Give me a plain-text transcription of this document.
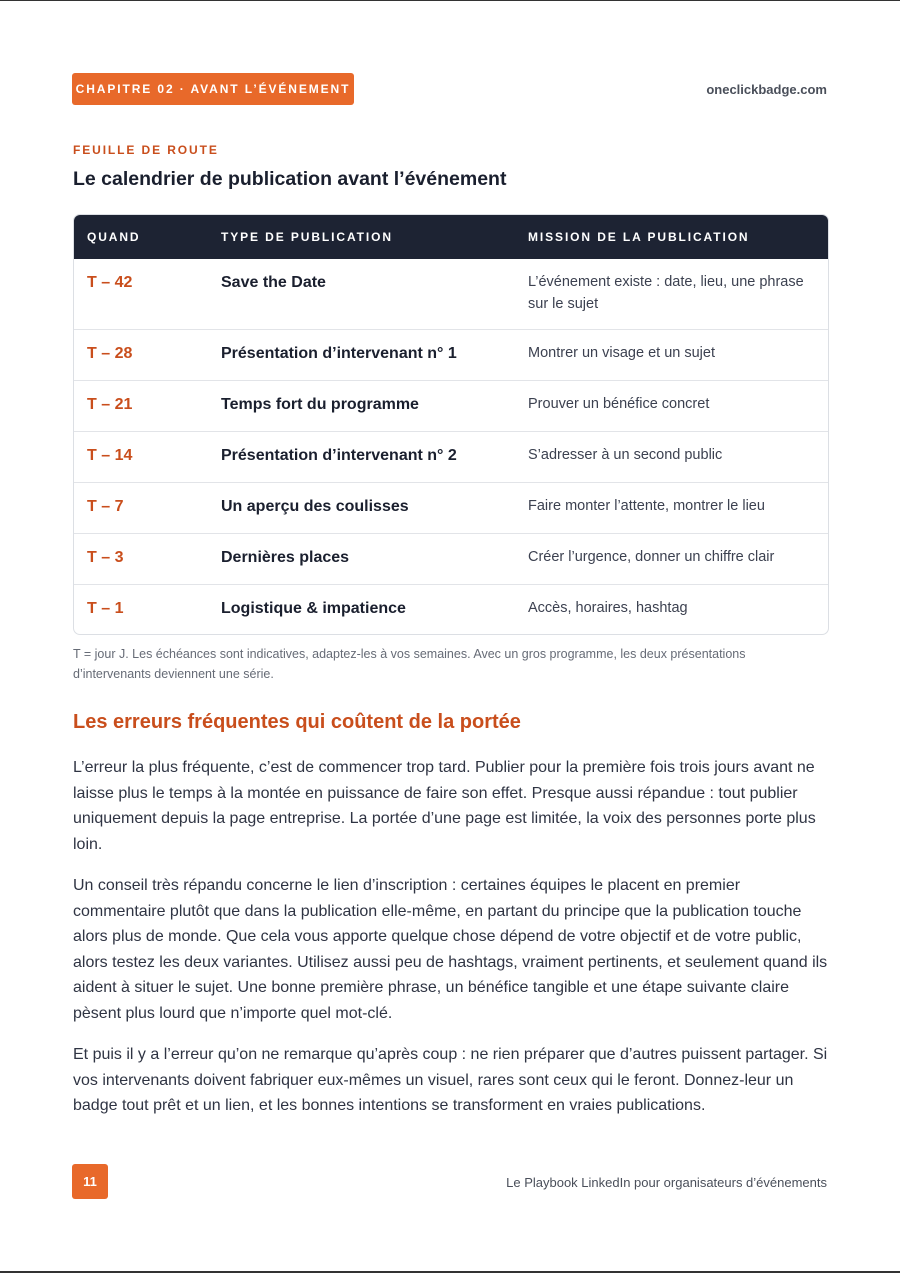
CHAPITRE 02 · AVANT L’ÉVÉNEMENT	oneclickbadge.com
FEUILLE DE ROUTE
Le calendrier de publication avant l’événement
QUAND	TYPE DE PUBLICATION	MISSION DE LA PUBLICATION
T – 42	Save the Date	L’événement existe : date, lieu, une phrase sur le sujet
T – 28	Présentation d’intervenant n° 1	Montrer un visage et un sujet
T – 21	Temps fort du programme	Prouver un bénéfice concret
T – 14	Présentation d’intervenant n° 2	S’adresser à un second public
T – 7	Un aperçu des coulisses	Faire monter l’attente, montrer le lieu
T – 3	Dernières places	Créer l’urgence, donner un chiffre clair
T – 1	Logistique & impatience	Accès, horaires, hashtag
T = jour J. Les échéances sont indicatives, adaptez-les à vos semaines. Avec un gros programme, les deux présentations d’intervenants deviennent une série.
Les erreurs fréquentes qui coûtent de la portée

L’erreur la plus fréquente, c’est de commencer trop tard. Publier pour la première fois trois jours avant ne laisse plus le temps à la montée en puissance de faire son effet. Presque aussi répandue : tout publier uniquement depuis la page entreprise. La portée d’une page est limitée, la voix des personnes porte plus loin.

Un conseil très répandu concerne le lien d’inscription : certaines équipes le placent en premier commentaire plutôt que dans la publication elle-même, en partant du principe que la publication touche alors plus de monde. Que cela vous apporte quelque chose dépend de votre objectif et de votre public, alors testez les deux variantes. Utilisez aussi peu de hashtags, vraiment pertinents, et seulement quand ils aident à situer le sujet. Une bonne première phrase, un bénéfice tangible et une étape suivante claire pèsent plus lourd que n’importe quel mot-clé.

Et puis il y a l’erreur qu’on ne remarque qu’après coup : ne rien préparer que d’autres puissent partager. Si vos intervenants doivent fabriquer eux-mêmes un visuel, rares sont ceux qui le feront. Donnez-leur un badge tout prêt et un lien, et les bonnes intentions se transforment en vraies publications.

11	Le Playbook LinkedIn pour organisateurs d’événements
